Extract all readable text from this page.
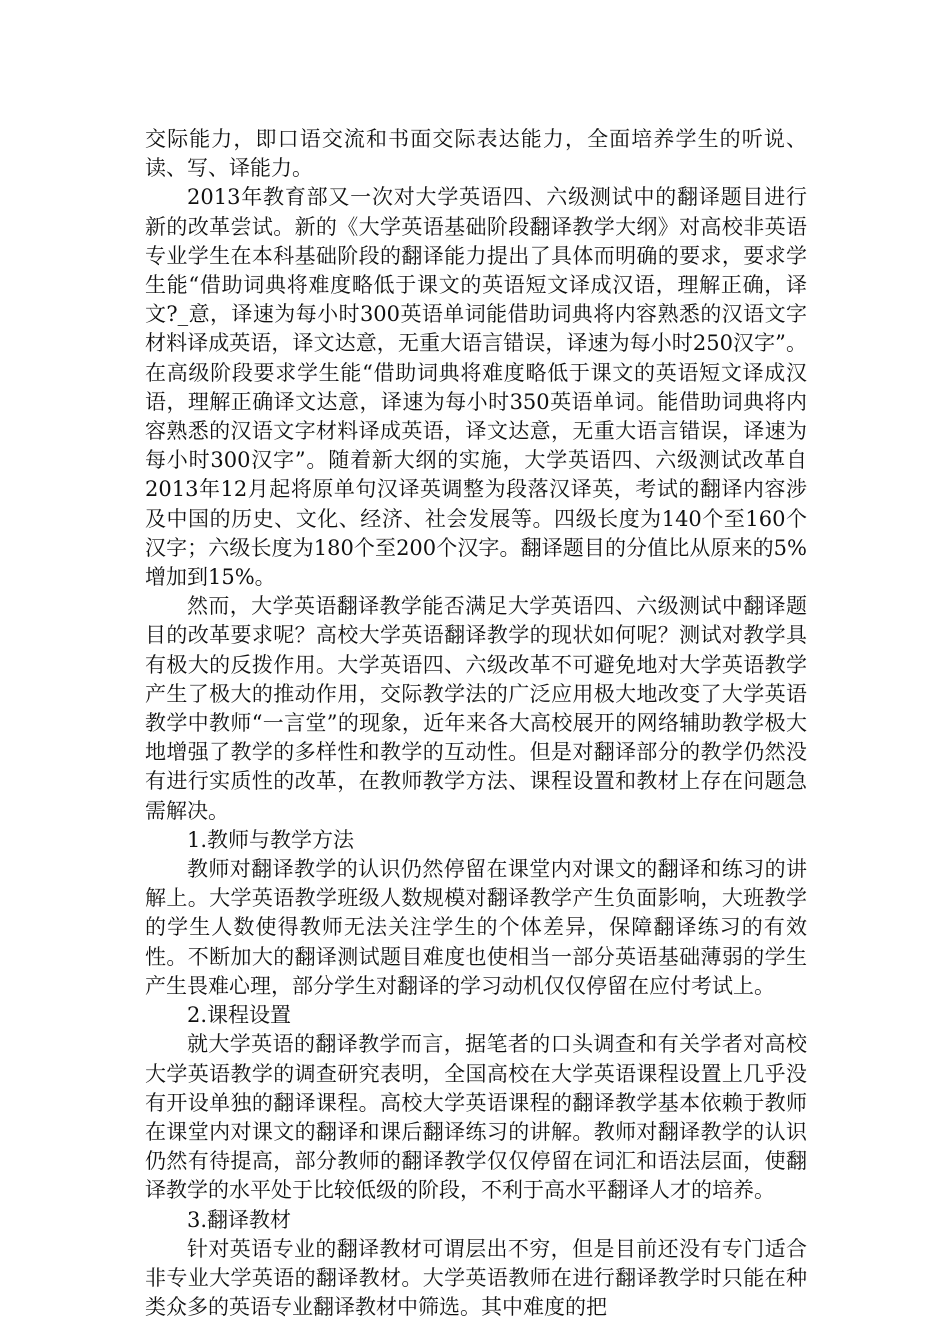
交际能力，即口语交流和书面交际表达能力，全面培养学生的听说、读、写、译能力。

2013年教育部又一次对大学英语四、六级测试中的翻译题目进行新的改革尝试。新的《大学英语基础阶段翻译教学大纲》对高校非英语专业学生在本科基础阶段的翻译能力提出了具体而明确的要求，要求学生能“借助词典将难度略低于课文的英语短文译成汉语，理解正确，译文?_意，译速为每小时300英语单词能借助词典将内容熟悉的汉语文字材料译成英语，译文达意，无重大语言错误，译速为每小时250汉字”。在高级阶段要求学生能“借助词典将难度略低于课文的英语短文译成汉语，理解正确译文达意，译速为每小时350英语单词。能借助词典将内容熟悉的汉语文字材料译成英语，译文达意，无重大语言错误，译速为每小时300汉字”。随着新大纲的实施，大学英语四、六级测试改革自2013年12月起将原单句汉译英调整为段落汉译英，考试的翻译内容涉及中国的历史、文化、经济、社会发展等。四级长度为140个至160个汉字；六级长度为180个至200个汉字。翻译题目的分值比从原来的5%增加到15%。

然而，大学英语翻译教学能否满足大学英语四、六级测试中翻译题目的改革要求呢？高校大学英语翻译教学的现状如何呢？测试对教学具有极大的反拨作用。大学英语四、六级改革不可避免地对大学英语教学产生了极大的推动作用，交际教学法的广泛应用极大地改变了大学英语教学中教师“一言堂”的现象，近年来各大高校展开的网络辅助教学极大地增强了教学的多样性和教学的互动性。但是对翻译部分的教学仍然没有进行实质性的改革，在教师教学方法、课程设置和教材上存在问题急需解决。

1.教师与教学方法

教师对翻译教学的认识仍然停留在课堂内对课文的翻译和练习的讲解上。大学英语教学班级人数规模对翻译教学产生负面影响，大班教学的学生人数使得教师无法关注学生的个体差异，保障翻译练习的有效性。不断加大的翻译测试题目难度也使相当一部分英语基础薄弱的学生产生畏难心理，部分学生对翻译的学习动机仅仅停留在应付考试上。

2.课程设置

就大学英语的翻译教学而言，据笔者的口头调查和有关学者对高校大学英语教学的调查研究表明，全国高校在大学英语课程设置上几乎没有开设单独的翻译课程。高校大学英语课程的翻译教学基本依赖于教师在课堂内对课文的翻译和课后翻译练习的讲解。教师对翻译教学的认识仍然有待提高，部分教师的翻译教学仅仅停留在词汇和语法层面，使翻译教学的水平处于比较低级的阶段，不利于高水平翻译人才的培养。

3.翻译教材

针对英语专业的翻译教材可谓层出不穷，但是目前还没有专门适合非专业大学英语的翻译教材。大学英语教师在进行翻译教学时只能在种类众多的英语专业翻译教材中筛选。其中难度的把
